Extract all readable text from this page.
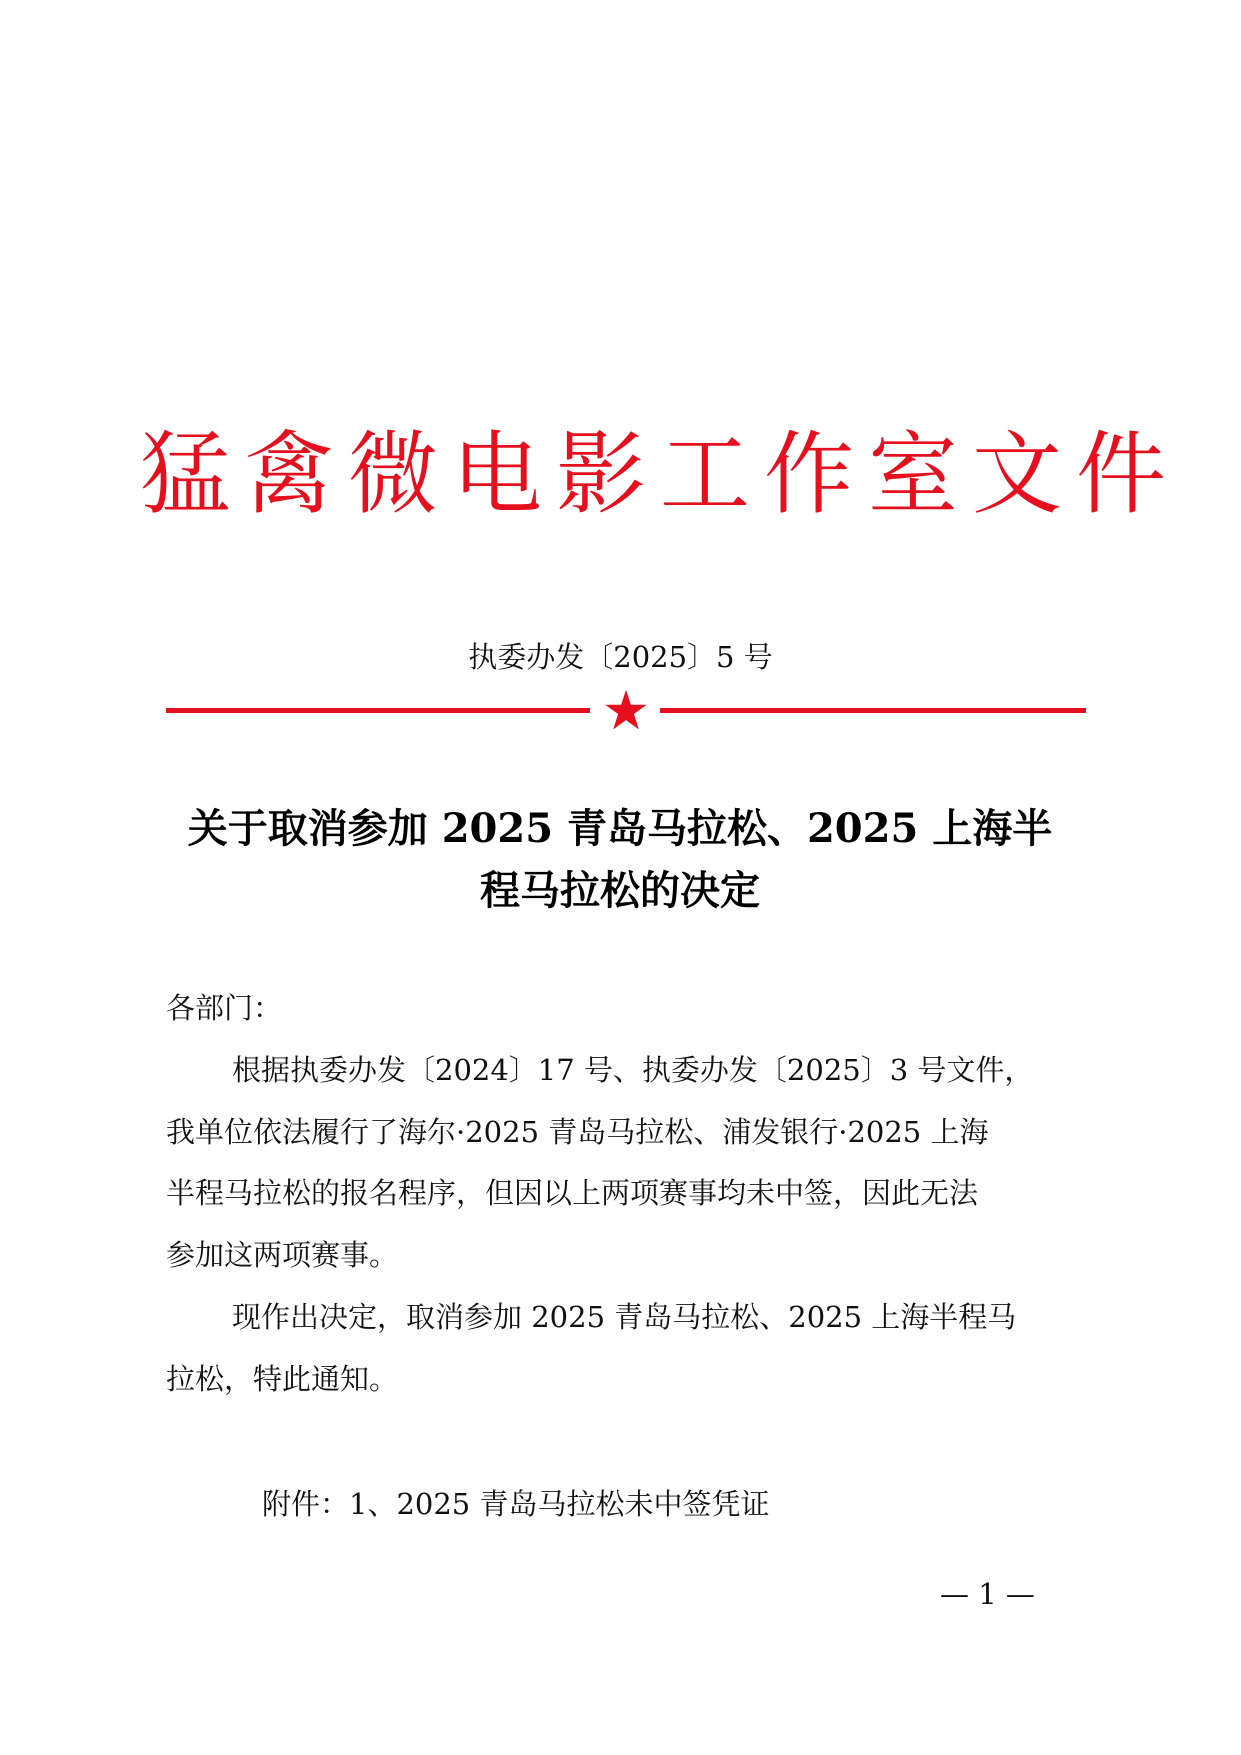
猛禽微电影工作室文件
执委办发〔2025〕5 号
关于取消参加 2025 青岛马拉松、2025 上海半
程马拉松的决定
各部门：
根据执委办发〔2024〕17 号、执委办发〔2025〕3 号文件，
我单位依法履行了海尔·2025 青岛马拉松、浦发银行·2025 上海
半程马拉松的报名程序，但因以上两项赛事均未中签，因此无法
参加这两项赛事。
现作出决定，取消参加 2025 青岛马拉松、2025 上海半程马
拉松，特此通知。
附件：1、2025 青岛马拉松未中签凭证
— 1 —
